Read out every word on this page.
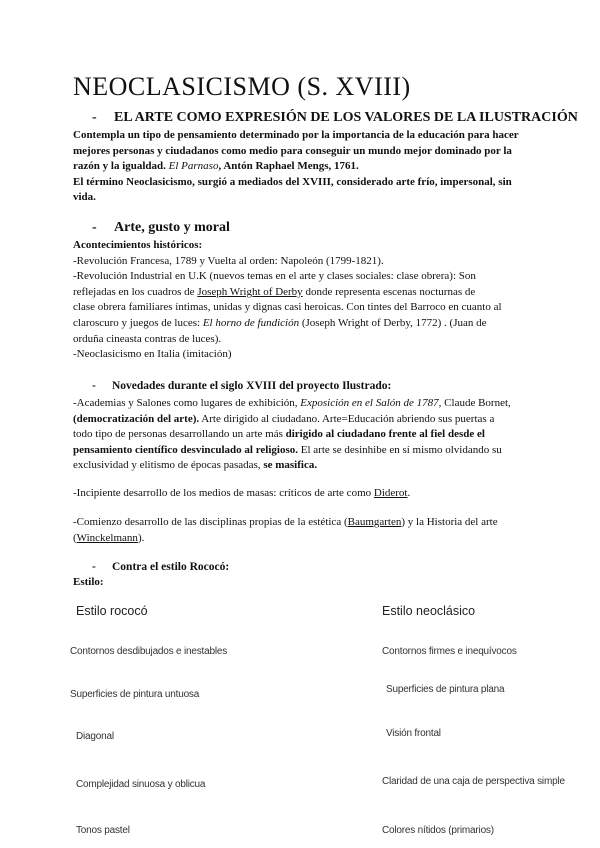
NEOCLASICISMO (S. XVIII)
- EL ARTE COMO EXPRESIÓN DE LOS VALORES DE LA ILUSTRACIÓN
Contempla un tipo de pensamiento determinado por la importancia de la educación para hacer
mejores personas y ciudadanos como medio para conseguir un mundo mejor dominado por la
razón y la igualdad. El Parnaso, Antón Raphael Mengs, 1761.
El término Neoclasicismo, surgió a mediados del XVIII, considerado arte frío, impersonal, sin
vida.
- Arte, gusto y moral
Acontecimientos históricos:
-Revolución Francesa, 1789 y Vuelta al orden: Napoleón (1799-1821).
-Revolución Industrial en U.K (nuevos temas en el arte y clases sociales: clase obrera): Son
reflejadas en los cuadros de Joseph Wright of Derby donde representa escenas nocturnas de
clase obrera familiares íntimas, unidas y dignas casi heroicas. Con tintes del Barroco en cuanto al
claroscuro y juegos de luces: El horno de fundición (Joseph Wright of Derby, 1772) . (Juan de
orduña cineasta contras de luces).
-Neoclasicismo en Italia (imitación)
- Novedades durante el siglo XVIII del proyecto Ilustrado:
-Academias y Salones como lugares de exhibición, Exposición en el Salón de 1787, Claude Bornet,
(democratización del arte). Arte dirigido al ciudadano. Arte=Educación abriendo sus puertas a
todo tipo de personas desarrollando un arte más dirigido al ciudadano frente al fiel desde el
pensamiento científico desvinculado al religioso. El arte se desinhibe en sí mismo olvidando su
exclusividad y elitismo de épocas pasadas, se masifica.
-Incipiente desarrollo de los medios de masas: críticos de arte como Diderot.
-Comienzo desarrollo de las disciplinas propias de la estética (Baumgarten) y la Historia del arte
(Winckelmann).
- Contra el estilo Rococó:
Estilo:
Estilo rococó	Estilo neoclásico
Contornos desdibujados e inestables
Superficies de pintura untuosa
Diagonal
Complejidad sinuosa y oblicua
Tonos pastel
Contornos firmes e inequívocos
Superficies de pintura plana
Visión frontal
Claridad de una caja de perspectiva simple
Colores nítidos (primarios)
